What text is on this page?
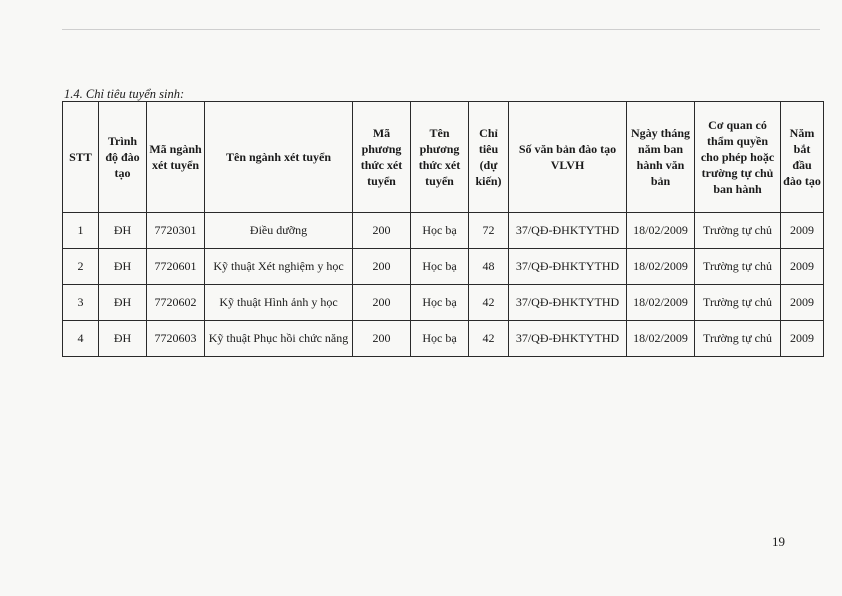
1.4. Chỉ tiêu tuyển sinh:
STT	Trình độ đào tạo	Mã ngành xét tuyển	Tên ngành xét tuyển	Mã phương thức xét tuyển	Tên phương thức xét tuyển	Chỉ tiêu (dự kiến)	Số văn bản đào tạo VLVH	Ngày tháng năm ban hành văn bản	Cơ quan có thẩm quyền cho phép hoặc trường tự chủ ban hành	Năm bắt đầu đào tạo
1	ĐH	7720301	Điều dưỡng	200	Học bạ	72	37/QĐ-ĐHKTYTHD	18/02/2009	Trường tự chủ	2009
2	ĐH	7720601	Kỹ thuật Xét nghiệm y học	200	Học bạ	48	37/QĐ-ĐHKTYTHD	18/02/2009	Trường tự chủ	2009
3	ĐH	7720602	Kỹ thuật Hình ảnh y học	200	Học bạ	42	37/QĐ-ĐHKTYTHD	18/02/2009	Trường tự chủ	2009
4	ĐH	7720603	Kỹ thuật Phục hồi chức năng	200	Học bạ	42	37/QĐ-ĐHKTYTHD	18/02/2009	Trường tự chủ	2009
19
